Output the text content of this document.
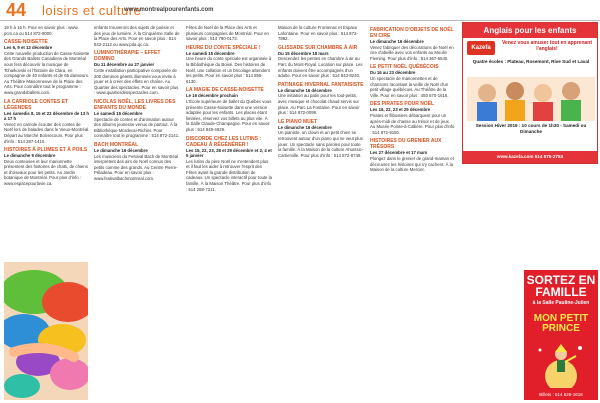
44 loisirs et culture
www.montrealpourenfants.com

19 h à 16 h. Pour en savoir plus : www. pcm.ca ou 514 872-8000.

CASSE-NOISETTE
Les 6, 9 et 13 décembre

Cette nouvelle production de Casse-Noisette des Grands Ballets Canadiens de Montréal vous fera découvrir la musique de Tchaïkovski et l'histoire de Clara, en compagnie de 40 enfants et de 65 danseurs. Au Théâtre Maisonneuve de la Place des Arts. Pour connaître tout le programme : www.grandsballets.com.

LA CARRIOLE CONTES ET LÉGENDES
Les samedis 8, 15 et 22 décembre de 13 h à 17 h

Venez en carriole écouter des contes de Noël lors de balades dans le Vieux-Montréal. Départ au Marché Bonsecours. Pour plus d'info : 514 287-1410.

HISTOIRES À PLUMES ET À POILS
Le dimanche 9 décembre

Deux conteuses et leur marionnette présentent des histoires de chats, de chiens et d'oiseaux pour les petits. Au Jardin botanique de Montréal. Pour plus d'info : www.espacepourlavie.ca.

enfants trouveront des sujets de poésie et des jeux de lumière. À la Cinquième Salle de la Place des Arts. Pour en savoir plus : 514 842-2112 ou www.pda.qc.ca.

LUMINOTHÉRAPIE – EFFET DOMINO
Du 11 décembre au 27 janvier

Cette installation participative composée de 200 dominos géants illuminés vous invite à jouer et à créer des effets en chaîne. Au Quartier des spectacles. Pour en savoir plus : www.quartierdesspectacles.com.

NICOLAS NOËL, LES LIVRES DES ENFANTS DU MONDE
Le samedi 15 décembre

Spectacle de contes et d'animation autour des albums jeunesse venus de partout. À la Bibliothèque Mordecai-Richler. Pour connaître tout le programme : 514 872-2141.

BACH MONTRÉAL
Le dimanche 16 décembre

Les musiciens du Festival Bach de Montréal interprètent des airs de Noël connus des petits comme des grands. Au Centre Pierre-Péladeau. Pour en savoir plus : www.festivalbachmontreal.com.

Fêtes de Noël de la Place des Arts et plusieurs compagnies de Montréal. Pour en savoir plus : 514 790-0173.

HEURE DU CONTE SPÉCIALE !
Le samedi 15 décembre

Une heure du conte spéciale est organisée à la Bibliothèque du Boisé. Des histoires de Noël, une collation et un bricolage attendent les petits. Pour en savoir plus : 514 855-6130.

LA MAGIE DE CASSE-NOISETTE
Le 16 décembre prochain

L'École supérieure de ballet du Québec vous présente Casse-Noisette dans une version adaptée pour les enfants. Les places étant limitées, réservez vos billets au plus vite. À la Salle Claude-Champagne. Pour en savoir plus : 514 849-4929.

DISCORDE CHEZ LES LUTINS : CADEAU À RÉGÉNÉRER !
Les 15, 22, 23, 28 et 29 décembre et 2, 4 et 5 janvier

Les lutins du père Noël ne s'entendent plus et il faut les aider à retrouver l'esprit des Fêtes avant la grande distribution de cadeaux. Un spectacle interactif pour toute la famille. À la Maison Théâtre. Pour plus d'info : 514 288-7211.

Maison de la culture Frontenac et Espace Lafontaine. Pour en savoir plus : 514 872-7882.

GLISSADE SUR CHAMBRE À AIR
Du 15 décembre 18 mars

Descendez les pentes en chambre à air au Parc du Mont-Royal. Location sur place. Les enfants doivent être accompagnés d'un adulte. Pour en savoir plus : 514 843-8240.

PATINAGE HIVERNAL FANTAISISTE
Le dimanche 16 décembre

Une initiation au patin pour les tout-petits, avec musique et chocolat chaud servis sur place. Au Parc La Fontaine. Pour en savoir plus : 514 872-0099.

LE PIANO MUET
Le dimanche 16 décembre

Un pianiste, un clown et un petit chien se retrouvent autour d'un piano qui ne veut plus jouer. Un spectacle sans paroles pour toute la famille. À la Maison de la culture Ahuntsic-Cartierville. Pour plus d'info : 514 872-8749.

FABRICATION D'OBJETS DE NOËL EN CIRE
Le dimanche 16 décembre

Venez fabriquer des décorations de Noël en cire d'abeille avec vos enfants au Moulin Fleming. Pour plus d'info : 514 367-6540.

LE PETIT NOËL QUÉBÉCOIS
Du 16 au 23 décembre

Un spectacle de marionnettes et de chansons racontant la veille de Noël d'un petit village québécois. Au Théâtre de la Ville. Pour en savoir plus : 450 670-1616.

DES PIRATES POUR NOËL
Les 16, 22, 23 et 29 décembre

Pirates et flibustiers débarquent pour un après-midi de chasse au trésor et de jeux. Au Musée Pointe-à-Callière. Pour plus d'info : 514 872-9150.

HISTOIRES DU GRENIER AUX TRÉSORS
Les 27 décembre et 17 mars

Plongez dans le grenier de grand-maman et découvrez les histoires qui s'y cachent. À la Maison de la culture Mercier.

Anglais pour les enfants
Kazefa
Venez vous amuser tout en apprenant l'anglais!
Quatre écoles : Plateau, Rosemont, Rive Sud et Laval
Session Hiver 2019 : 10 cours de 1h30 - Samedi ou Dimanche
www.kazefa.com 514 575-2753
SORTEZ EN FAMILLE
à la Salle Pauline-Julien
MON PETIT PRINCE
Billets : 514 626-1616
